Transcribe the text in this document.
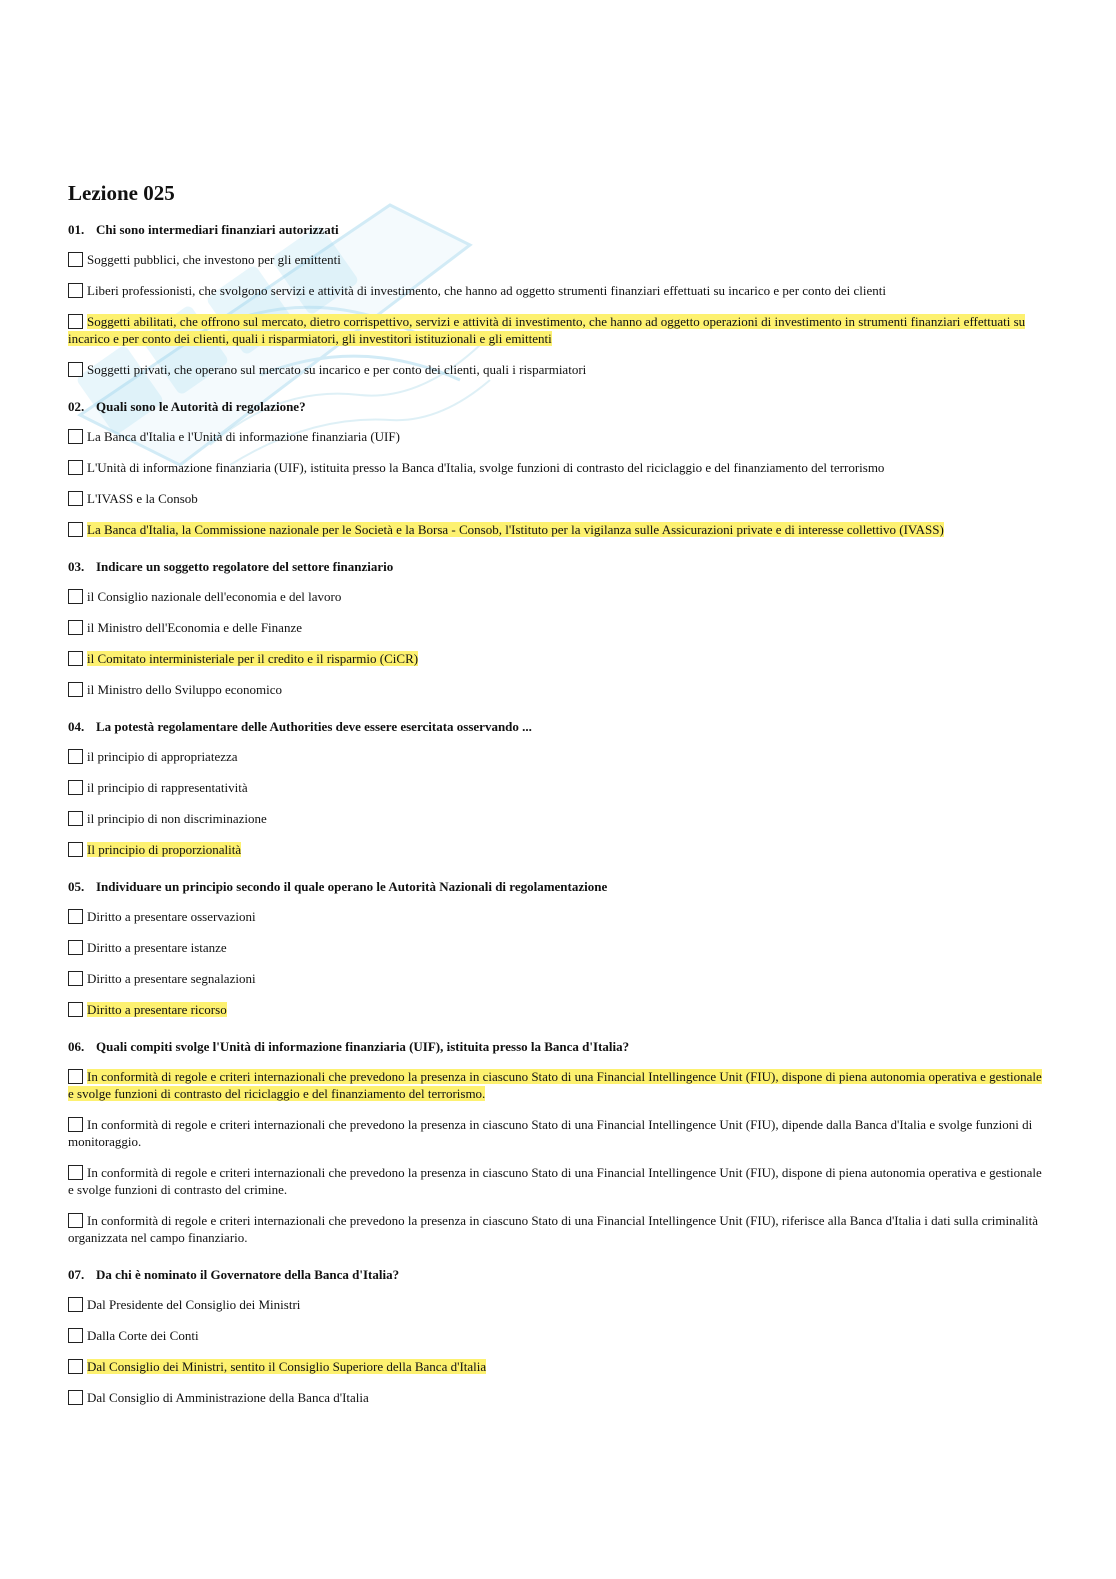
Lezione 025
01. Chi sono intermediari finanziari autorizzati
Soggetti pubblici, che investono per gli emittenti
Liberi professionisti, che svolgono servizi e attività di investimento, che hanno ad oggetto strumenti finanziari effettuati su incarico e per conto dei clienti
Soggetti abilitati, che offrono sul mercato, dietro corrispettivo, servizi e attività di investimento, che hanno ad oggetto operazioni di investimento in strumenti finanziari effettuati su incarico e per conto dei clienti, quali i risparmiatori, gli investitori istituzionali e gli emittenti
Soggetti privati, che operano sul mercato su incarico e per conto dei clienti, quali i risparmiatori
02. Quali sono le Autorità di regolazione?
La Banca d'Italia e l'Unità di informazione finanziaria (UIF)
L'Unità di informazione finanziaria (UIF), istituita presso la Banca d'Italia, svolge funzioni di contrasto del riciclaggio e del finanziamento del terrorismo
L'IVASS e la Consob
La Banca d'Italia, la Commissione nazionale per le Società e la Borsa - Consob, l'Istituto per la vigilanza sulle Assicurazioni private e di interesse collettivo (IVASS)
03. Indicare un soggetto regolatore del settore finanziario
il Consiglio nazionale dell'economia e del lavoro
il Ministro dell'Economia e delle Finanze
il Comitato interministeriale per il credito e il risparmio (CiCR)
il Ministro dello Sviluppo economico
04. La potestà regolamentare delle Authorities deve essere esercitata osservando ...
il principio di appropriatezza
il principio di rappresentatività
il principio di non discriminazione
Il principio di proporzionalità
05. Individuare un principio secondo il quale operano le Autorità Nazionali di regolamentazione
Diritto a presentare osservazioni
Diritto a presentare istanze
Diritto a presentare segnalazioni
Diritto a presentare ricorso
06. Quali compiti svolge l'Unità di informazione finanziaria (UIF), istituita presso la Banca d'Italia?
In conformità di regole e criteri internazionali che prevedono la presenza in ciascuno Stato di una Financial Intellingence Unit (FIU), dispone di piena autonomia operativa e gestionale e svolge funzioni di contrasto del riciclaggio e del finanziamento del terrorismo.
In conformità di regole e criteri internazionali che prevedono la presenza in ciascuno Stato di una Financial Intellingence Unit (FIU), dipende dalla Banca d'Italia e svolge funzioni di monitoraggio.
In conformità di regole e criteri internazionali che prevedono la presenza in ciascuno Stato di una Financial Intellingence Unit (FIU), dispone di piena autonomia operativa e gestionale e svolge funzioni di contrasto del crimine.
In conformità di regole e criteri internazionali che prevedono la presenza in ciascuno Stato di una Financial Intellingence Unit (FIU), riferisce alla Banca d'Italia i dati sulla criminalità organizzata nel campo finanziario.
07. Da chi è nominato il Governatore della Banca d'Italia?
Dal Presidente del Consiglio dei Ministri
Dalla Corte dei Conti
Dal Consiglio dei Ministri, sentito il Consiglio Superiore della Banca d'Italia
Dal Consiglio di Amministrazione della Banca d'Italia
